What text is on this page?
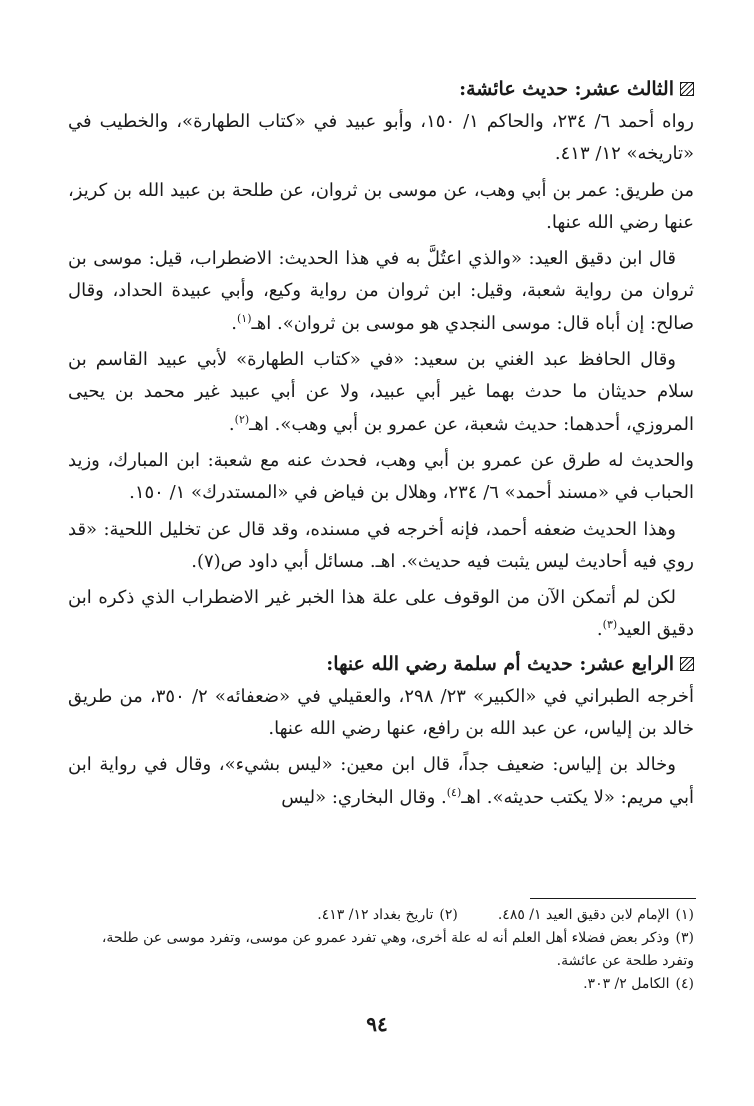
الثالث عشر: حديث عائشة:

رواه أحمد ٦/ ٢٣٤، والحاكم ١/ ١٥٠، وأبو عبيد في «كتاب الطهارة»، والخطيب في «تاريخه» ١٢/ ٤١٣.

من طريق: عمر بن أبي وهب، عن موسى بن ثروان، عن طلحة بن عبيد الله بن كريز، عنها رضي الله عنها.

قال ابن دقيق العيد: «والذي اعتُلَّ به في هذا الحديث: الاضطراب، قيل: موسى بن ثروان من رواية شعبة، وقيل: ابن ثروان من رواية وكيع، وأبي عبيدة الحداد، وقال صالح: إن أباه قال: موسى النجدي هو موسى بن ثروان». اهـ$^{(١)}$.

وقال الحافظ عبد الغني بن سعيد: «في «كتاب الطهارة» لأبي عبيد القاسم بن سلام حديثان ما حدث بهما غير أبي عبيد، ولا عن أبي عبيد غير محمد بن يحيى المروزي، أحدهما: حديث شعبة، عن عمرو بن أبي وهب». اهـ$^{(٢)}$.

والحديث له طرق عن عمرو بن أبي وهب، فحدث عنه مع شعبة: ابن المبارك، وزيد الحباب في «مسند أحمد» ٦/ ٢٣٤، وهلال بن فياض في «المستدرك» ١/ ١٥٠.

وهذا الحديث ضعفه أحمد، فإنه أخرجه في مسنده، وقد قال عن تخليل اللحية: «قد روي فيه أحاديث ليس يثبت فيه حديث». اهـ. مسائل أبي داود ص(٧).

لكن لم أتمكن الآن من الوقوف على علة هذا الخبر غير الاضطراب الذي ذكره ابن دقيق العيد$^{(٣)}$.

الرابع عشر: حديث أم سلمة رضي الله عنها:

أخرجه الطبراني في «الكبير» ٢٣/ ٢٩٨، والعقيلي في «ضعفائه» ٢/ ٣٥٠، من طريق خالد بن إلياس، عن عبد الله بن رافع، عنها رضي الله عنها.

وخالد بن إلياس: ضعيف جداً، قال ابن معين: «ليس بشيء»، وقال في رواية ابن أبي مريم: «لا يكتب حديثه». اهـ$^{(٤)}$. وقال البخاري: «ليس

(١)الإمام لابن دقيق العيد ١/ ٤٨٥.

(٢)تاريخ بغداد ١٢/ ٤١٣.

(٣)وذكر بعض فضلاء أهل العلم أنه له علة أخرى، وهي تفرد عمرو عن موسى، وتفرد موسى عن طلحة، وتفرد طلحة عن عائشة.

(٤)الكامل ٢/ ٣٠٣.

٩٤
